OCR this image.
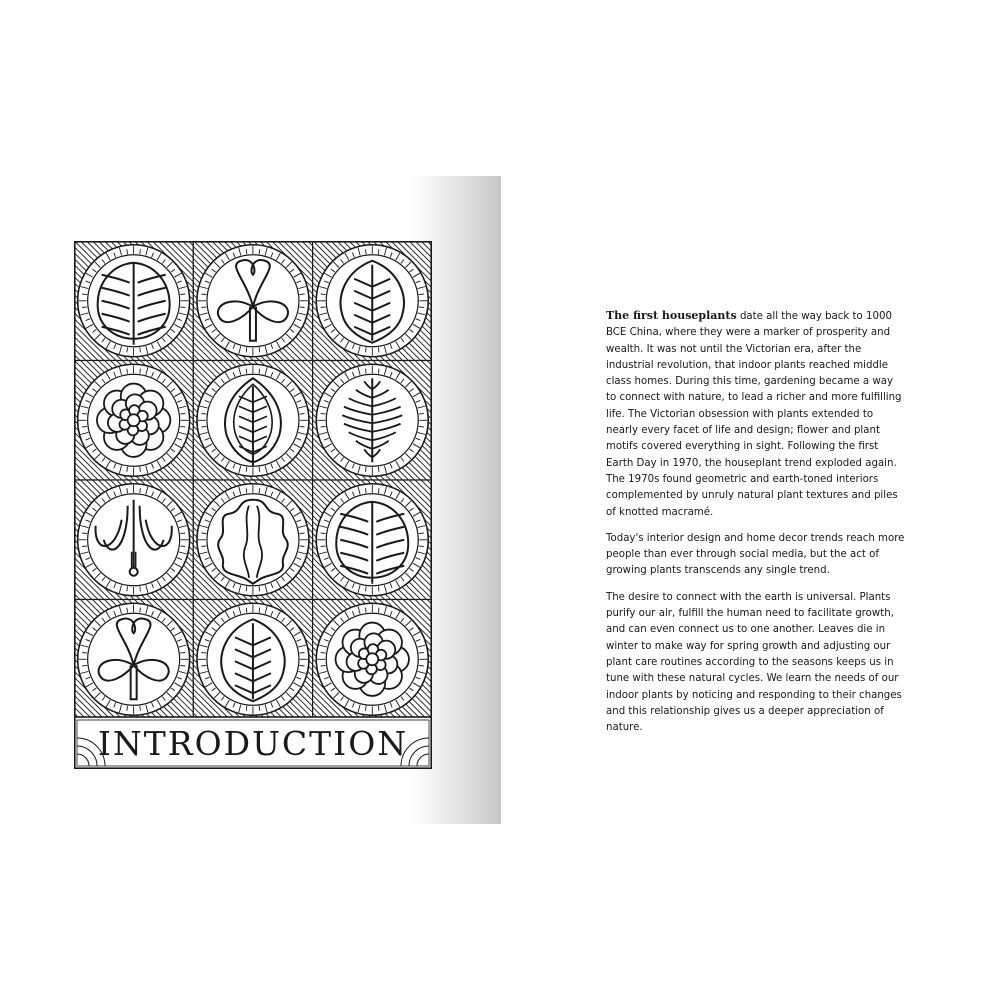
INTRODUCTION

The first houseplants date all the way back to 1000 BCE China, where they were a marker of prosperity and wealth. It was not until the Victorian era, after the industrial revolution, that indoor plants reached middle class homes. During this time, gardening became a way to connect with nature, to lead a richer and more fulfilling life. The Victorian obsession with plants extended to nearly every facet of life and design; flower and plant motifs covered everything in sight. Following the first Earth Day in 1970, the houseplant trend exploded again. The 1970s found geometric and earth-toned interiors complemented by unruly natural plant textures and piles of knotted macramé.

Today's interior design and home decor trends reach more people than ever through social media, but the act of growing plants transcends any single trend.

The desire to connect with the earth is universal. Plants purify our air, fulfill the human need to facilitate growth, and can even connect us to one another. Leaves die in winter to make way for spring growth and adjusting our plant care routines according to the seasons keeps us in tune with these natural cycles. We learn the needs of our indoor plants by noticing and responding to their changes and this relationship gives us a deeper appreciation of nature.
